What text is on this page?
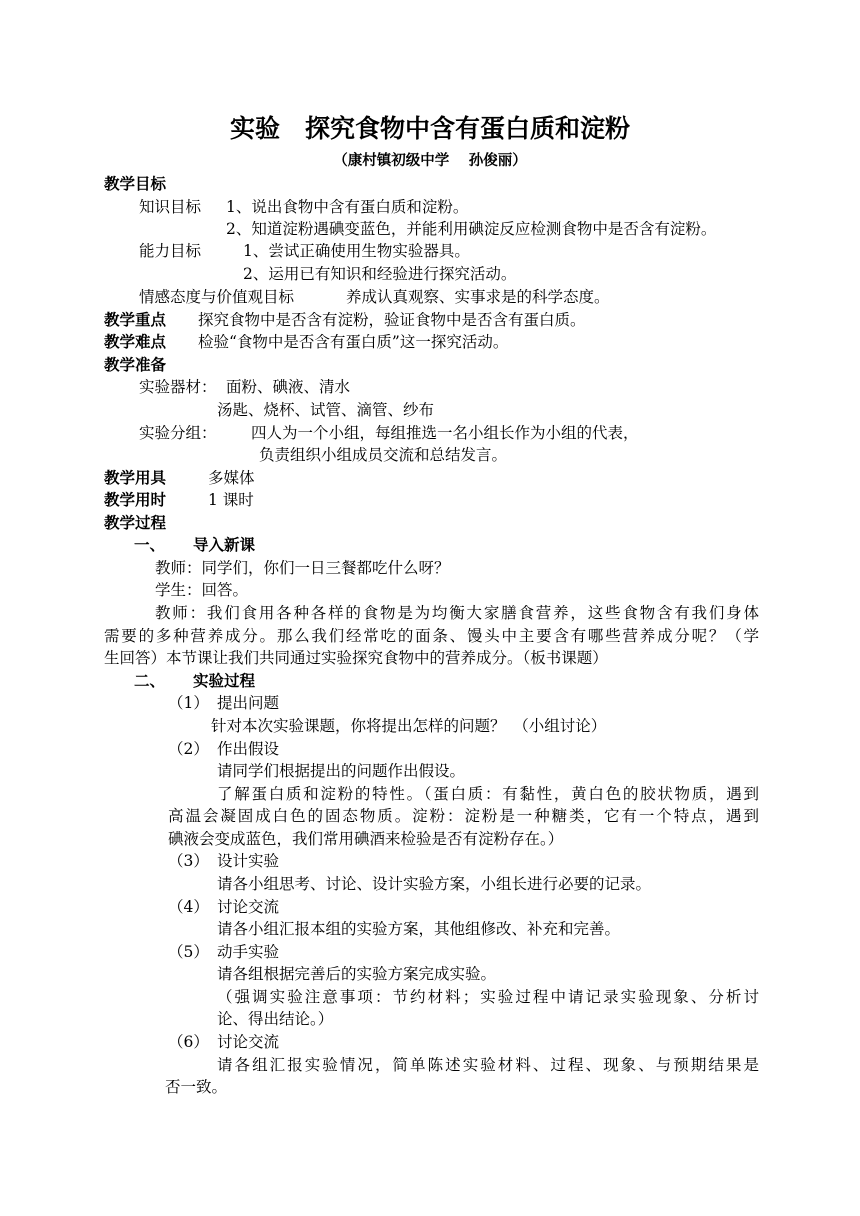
实验　探究食物中含有蛋白质和淀粉
（康村镇初级中学　 孙俊丽）
教学目标
知识目标 1、说出食物中含有蛋白质和淀粉。
2、知道淀粉遇碘变蓝色，并能利用碘淀反应检测食物中是否含有淀粉。
能力目标	1、尝试正确使用生物实验器具。
2、运用已有知识和经验进行探究活动。
情感态度与价值观目标	养成认真观察、实事求是的科学态度。
教学重点 探究食物中是否含有淀粉，验证食物中是否含有蛋白质。
教学难点 检验“食物中是否含有蛋白质”这一探究活动。
教学准备
实验器材： 面粉、碘液、清水
汤匙、烧杯、试管、滴管、纱布
实验分组： 四人为一个小组，每组推选一名小组长作为小组的代表，
负责组织小组成员交流和总结发言。
教学用具	多媒体
教学用时	1 课时
教学过程
一、 导入新课
教师：同学们，你们一日三餐都吃什么呀？
学生：回答。
教师：我们食用各种各样的食物是为均衡大家膳食营养，这些食物含有我们身体
需要的多种营养成分。那么我们经常吃的面条、馒头中主要含有哪些营养成分呢？（学
生回答）本节课让我们共同通过实验探究食物中的营养成分。（板书课题）
二、 实验过程
（1） 提出问题
针对本次实验课题，你将提出怎样的问题？　（小组讨论）
（2） 作出假设
请同学们根据提出的问题作出假设。
了解蛋白质和淀粉的特性。（蛋白质：有黏性，黄白色的胶状物质，遇到
高温会凝固成白色的固态物质。淀粉：淀粉是一种糖类，它有一个特点，遇到
碘液会变成蓝色，我们常用碘酒来检验是否有淀粉存在。）
（3） 设计实验
请各小组思考、讨论、设计实验方案，小组长进行必要的记录。
（4） 讨论交流
请各小组汇报本组的实验方案，其他组修改、补充和完善。
（5） 动手实验
请各组根据完善后的实验方案完成实验。
（强调实验注意事项：节约材料；实验过程中请记录实验现象、分析讨
论、得出结论。）
（6） 讨论交流
请各组汇报实验情况，简单陈述实验材料、过程、现象、与预期结果是
否一致。
